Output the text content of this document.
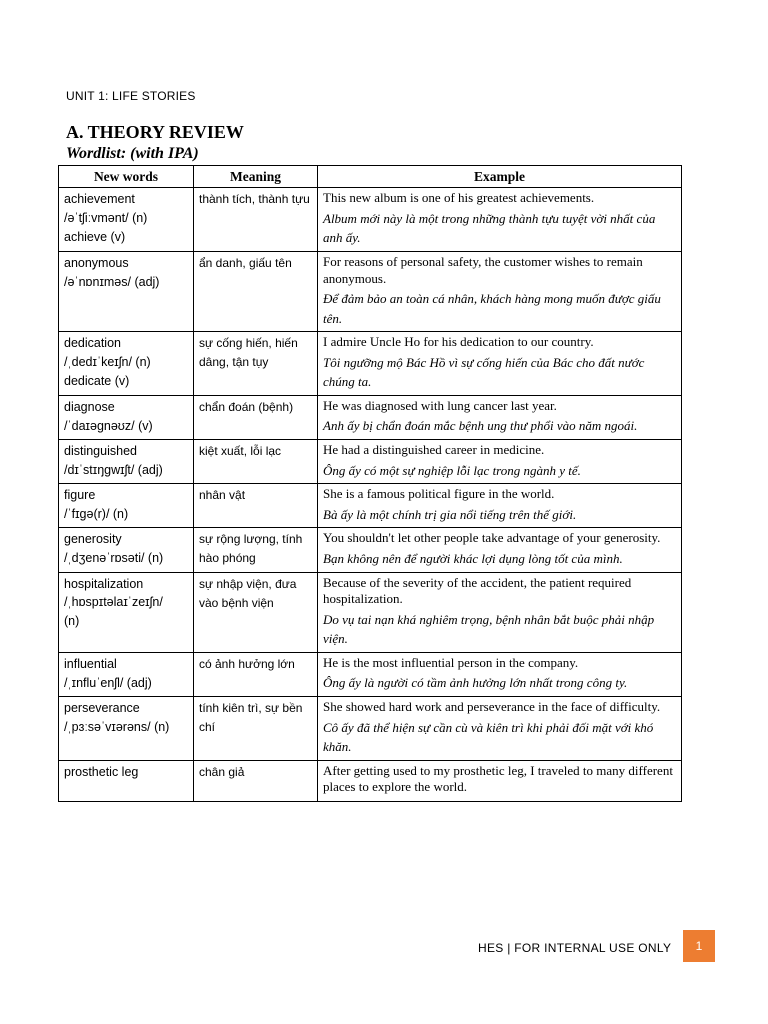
UNIT 1: LIFE STORIES
A. THEORY REVIEW
Wordlist: (with IPA)
New words	Meaning	Example

achievement
/əˈtʃiːvmənt/ (n)
achieve (v)	thành tích, thành tựu	This new album is one of his greatest achievements.
Album mới này là một trong những thành tựu tuyệt vời nhất của anh ấy.

anonymous
/əˈnɒnɪməs/ (adj)	ẩn danh, giấu tên	For reasons of personal safety, the customer wishes to remain anonymous.
Để đảm bảo an toàn cá nhân, khách hàng mong muốn được giấu tên.

dedication
/ˌdedɪˈkeɪʃn/ (n)
dedicate (v)	sự cống hiến, hiến dâng, tận tụy	I admire Uncle Ho for his dedication to our country.
Tôi ngưỡng mộ Bác Hồ vì sự cống hiến của Bác cho đất nước chúng ta.

diagnose
/ˈdaɪəɡnəʊz/ (v)	chẩn đoán (bệnh)	He was diagnosed with lung cancer last year.
Anh ấy bị chẩn đoán mắc bệnh ung thư phổi vào năm ngoái.

distinguished
/dɪˈstɪŋɡwɪʃt/ (adj)	kiệt xuất, lỗi lạc	He had a distinguished career in medicine.
Ông ấy có một sự nghiệp lỗi lạc trong ngành y tế.

figure
/ˈfɪɡə(r)/ (n)	nhân vật	She is a famous political figure in the world.
Bà ấy là một chính trị gia nổi tiếng trên thế giới.

generosity
/ˌdʒenəˈrɒsəti/ (n)	sự rộng lượng, tính hào phóng	You shouldn't let other people take advantage of your generosity.
Bạn không nên để người khác lợi dụng lòng tốt của mình.

hospitalization
/ˌhɒspɪtəlaɪˈzeɪʃn/
(n)	sự nhập viện, đưa vào bệnh viện	Because of the severity of the accident, the patient required hospitalization.
Do vụ tai nạn khá nghiêm trọng, bệnh nhân bắt buộc phải nhập viện.

influential
/ˌɪnfluˈenʃl/ (adj)	có ảnh hưởng lớn	He is the most influential person in the company.
Ông ấy là người có tầm ảnh hưởng lớn nhất trong công ty.

perseverance
/ˌpɜːsəˈvɪərəns/ (n)	tính kiên trì, sự bền chí	She showed hard work and perseverance in the face of difficulty.
Cô ấy đã thể hiện sự cần cù và kiên trì khi phải đối mặt với khó khăn.

prosthetic leg	chân giả	After getting used to my prosthetic leg, I traveled to many different places to explore the world.
HES | FOR INTERNAL USE ONLY	1
